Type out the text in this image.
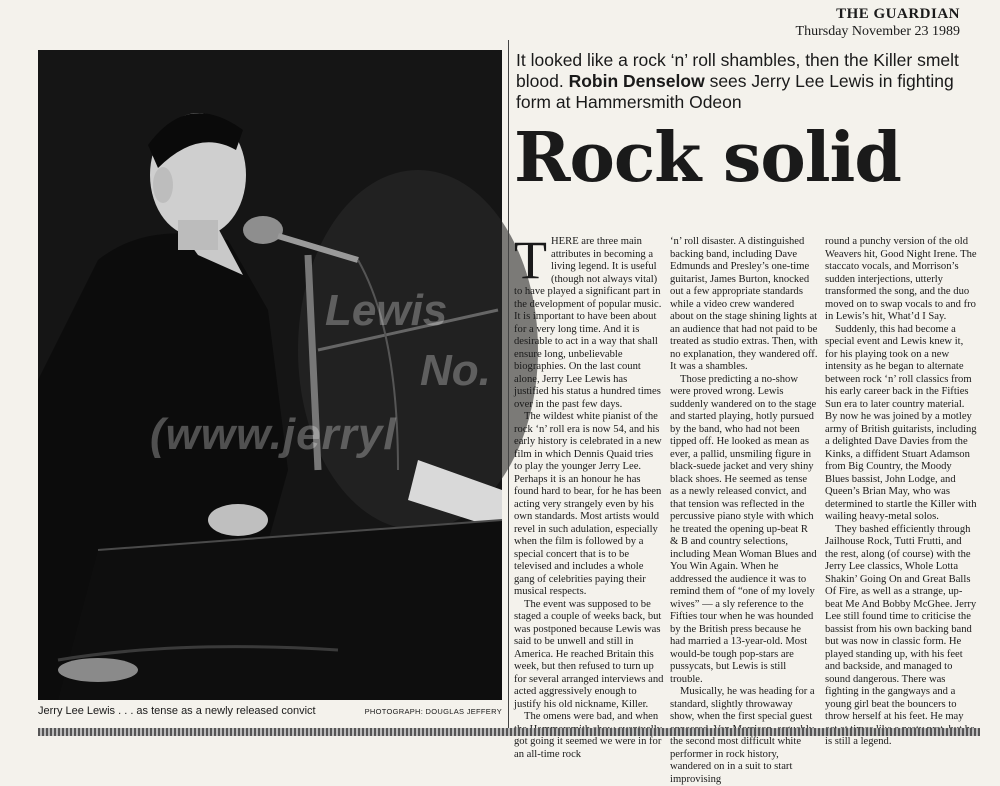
THE GUARDIAN
Thursday November 23 1989
Jerry Lee Lewis . . . as tense as a newly released convict	PHOTOGRAPH: DOUGLAS JEFFERY
It looked like a rock ‘n’ roll shambles, then the Killer smelt blood. Robin Denselow sees Jerry Lee Lewis in fighting form at Hammersmith Odeon
Rock solid
T HERE are three main attributes in becoming a living legend. It is useful (though not always vital) to have played a significant part in the development of popular music. It is important to have been about for a very long time. And it is desirable to act in a way that shall ensure long, unbelievable biographies. On the last count alone, Jerry Lee Lewis has justified his status a hundred times over in the past few days.

The wildest white pianist of the rock ‘n’ roll era is now 54, and his early history is celebrated in a new film in which Dennis Quaid tries to play the younger Jerry Lee. Perhaps it is an honour he has found hard to bear, for he has been acting very strangely even by his own standards. Most artists would revel in such adulation, especially when the film is followed by a special concert that is to be televised and includes a whole gang of celebrities paying their musical respects.

The event was supposed to be staged a couple of weeks back, but was postponed because Lewis was said to be unwell and still in America. He reached Britain this week, but then refused to turn up for several arranged interviews and acted aggressively enough to justify his old nickname, Killer.

The omens were bad, and when got going it seemed we were in for an all-time rock

‘n’ roll disaster. A distinguished backing band, including Dave Edmunds and Presley’s one-time guitarist, James Burton, knocked out a few appropriate standards while a video crew wandered about on the stage shining lights at an audience that had not paid to be treated as studio extras. Then, with no explanation, they wandered off. It was a shambles.

Those predicting a no-show were proved wrong. Lewis suddenly wandered on to the stage and started playing, hotly pursued by the band, who had not been tipped off. He looked as mean as ever, a pallid, unsmiling figure in black-suede jacket and very shiny black shoes. He seemed as tense as a newly released convict, and that tension was reflected in the percussive piano style with which he treated the opening up-beat R & B and country selections, including Mean Woman Blues and You Win Again. When he addressed the audience it was to remind them of “one of my lovely wives” — a sly reference to the Fifties tour when he was hounded by the British press because he had married a 13-year-old. Most would-be tough pop-stars are pussycats, but Lewis is still trouble.

Musically, he was heading for a standard, slightly throwaway show, when the first special guest the second most difficult white performer in rock history, wandered on in a suit to start improvising

round a punchy version of the old Weavers hit, Good Night Irene. The staccato vocals, and Morrison’s sudden interjections, utterly transformed the song, and the duo moved on to swap vocals to and fro in Lewis’s hit, What’d I Say.

Suddenly, this had become a special event and Lewis knew it, for his playing took on a new intensity as he began to alternate between rock ‘n’ roll classics from his early career back in the Fifties Sun era to later country material. By now he was joined by a motley army of British guitarists, including a delighted Dave Davies from the Kinks, a diffident Stuart Adamson from Big Country, the Moody Blues bassist, John Lodge, and Queen’s Brian May, who was determined to startle the Killer with wailing heavy-metal solos.

They bashed efficiently through Jailhouse Rock, Tutti Frutti, and the rest, along (of course) with the Jerry Lee classics, Whole Lotta Shakin’ Going On and Great Balls Of Fire, as well as a strange, up-beat Me And Bobby McGhee. Jerry Lee still found time to criticise the bassist from his own backing band but was now in classic form. He played standing up, with his feet and backside, and managed to sound dangerous. There was fighting in the gangways and a young girl beat the bouncers to throw herself at his feet. He may is still a legend.

Lewis
No.
(www.jerryl
